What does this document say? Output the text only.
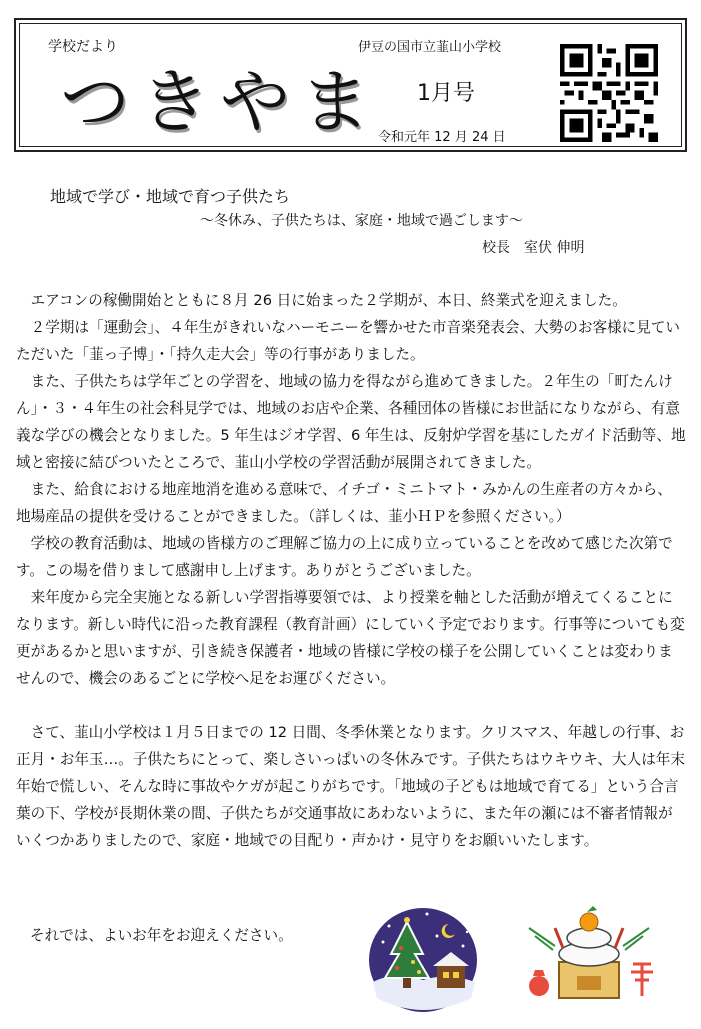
学校だより	伊豆の国市立韮山小学校
つきやま 1月号
令和元年 12 月 24 日
地域で学び・地域で育つ子供たち
～冬休み、子供たちは、家庭・地域で過ごします～
校長　室伏 伸明

エアコンの稼働開始とともに８月 26 日に始まった２学期が、本日、終業式を迎えました。

２学期は「運動会」、４年生がきれいなハーモニーを響かせた市音楽発表会、大勢のお客様に見ていただいた「韮っ子博」・「持久走大会」等の行事がありました。

また、子供たちは学年ごとの学習を、地域の協力を得ながら進めてきました。２年生の「町たんけん」・３・４年生の社会科見学では、地域のお店や企業、各種団体の皆様にお世話になりながら、有意義な学びの機会となりました。5 年生はジオ学習、6 年生は、反射炉学習を基にしたガイド活動等、地域と密接に結びついたところで、韮山小学校の学習活動が展開されてきました。

また、給食における地産地消を進める意味で、イチゴ・ミニトマト・みかんの生産者の方々から、地場産品の提供を受けることができました。（詳しくは、韮小ＨＰを参照ください。）

学校の教育活動は、地域の皆様方のご理解ご協力の上に成り立っていることを改めて感じた次第です。この場を借りまして感謝申し上げます。ありがとうございました。

来年度から完全実施となる新しい学習指導要領では、より授業を軸とした活動が増えてくることになります。新しい時代に沿った教育課程（教育計画）にしていく予定でおります。行事等についても変更があるかと思いますが、引き続き保護者・地域の皆様に学校の様子を公開していくことは変わりませんので、機会のあるごとに学校へ足をお運びください。

さて、韮山小学校は１月５日までの 12 日間、冬季休業となります。クリスマス、年越しの行事、お正月・お年玉…。子供たちにとって、楽しさいっぱいの冬休みです。子供たちはウキウキ、大人は年末年始で慌しい、そんな時に事故やケガが起こりがちです。「地域の子どもは地域で育てる」という合言葉の下、学校が長期休業の間、子供たちが交通事故にあわないように、また年の瀬には不審者情報がいくつかありましたので、家庭・地域での目配り・声かけ・見守りをお願いいたします。

それでは、よいお年をお迎えください。
